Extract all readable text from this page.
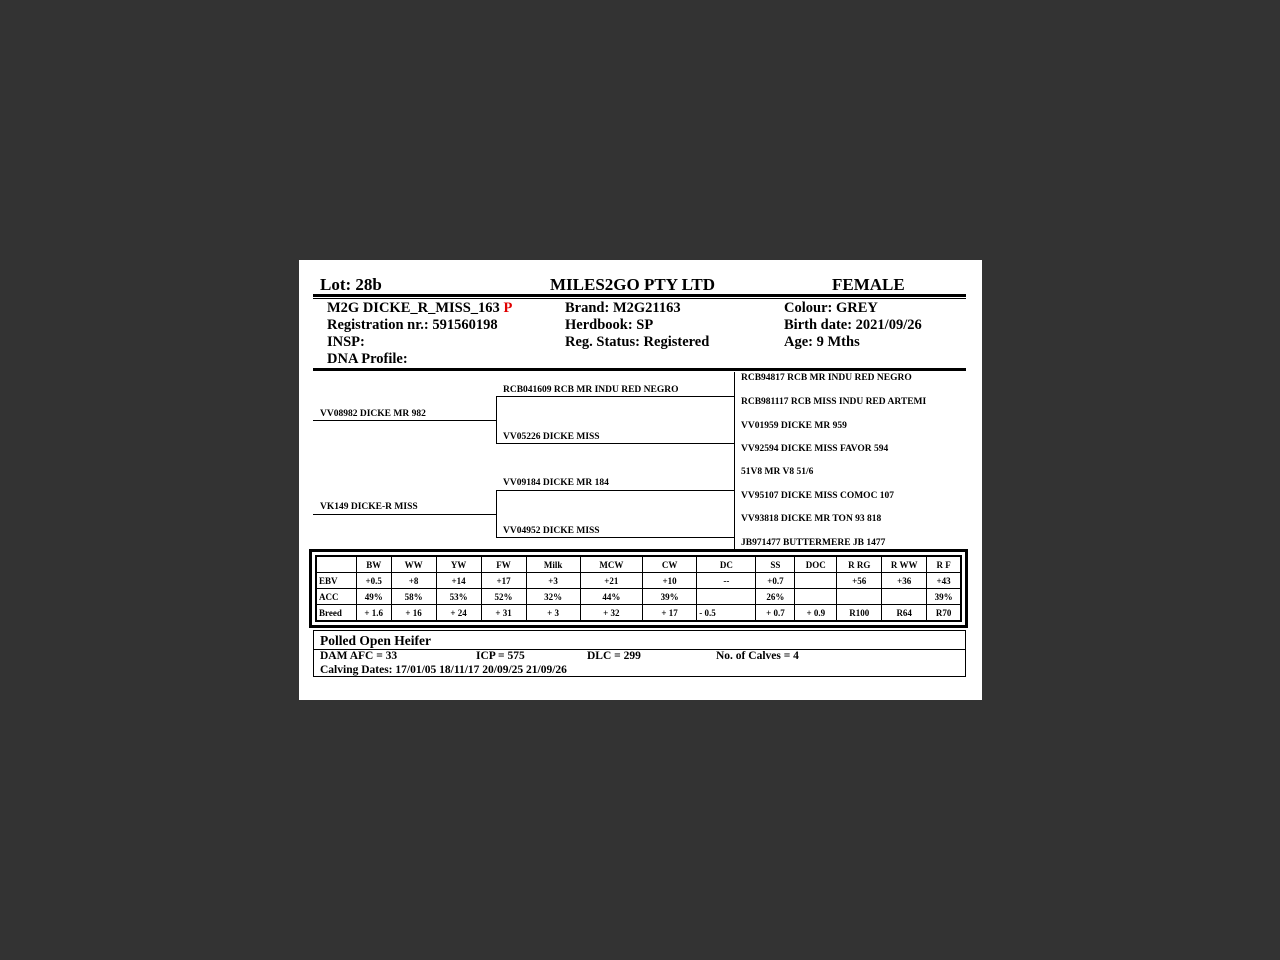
Lot: 28b	MILES2GO PTY LTD	FEMALE
M2G DICKE_R_MISS_163 P
Registration nr.: 591560198
INSP:
DNA Profile:
Brand: M2G21163
Herdbook: SP
Reg. Status: Registered
Colour: GREY
Birth date: 2021/09/26
Age: 9 Mths
VV08982 DICKE MR 982
VK149 DICKE-R MISS
RCB041609 RCB MR INDU RED NEGRO
VV05226 DICKE MISS
VV09184 DICKE MR 184
VV04952 DICKE MISS
RCB94817 RCB MR INDU RED NEGRO
RCB981117 RCB MISS INDU RED ARTEMI
VV01959 DICKE MR 959
VV92594 DICKE MISS FAVOR 594
51V8 MR V8 51/6
VV95107 DICKE MISS COMOC 107
VV93818 DICKE MR TON 93 818
JB971477 BUTTERMERE JB 1477
	BW	WW	YW	FW	Milk	MCW	CW	DC	SS	DOC	R RG	R WW	R F
EBV	+0.5	+8	+14	+17	+3	+21	+10	--	+0.7		+56	+36	+43
ACC	49%	58%	53%	52%	32%	44%	39%		26%				39%
Breed	+ 1.6	+ 16	+ 24	+ 31	+ 3	+ 32	+ 17	- 0.5	+ 0.7	+ 0.9	R100	R64	R70
Polled Open Heifer
DAM AFC = 33	ICP = 575	DLC = 299	No. of Calves = 4
Calving Dates: 17/01/05 18/11/17 20/09/25 21/09/26
